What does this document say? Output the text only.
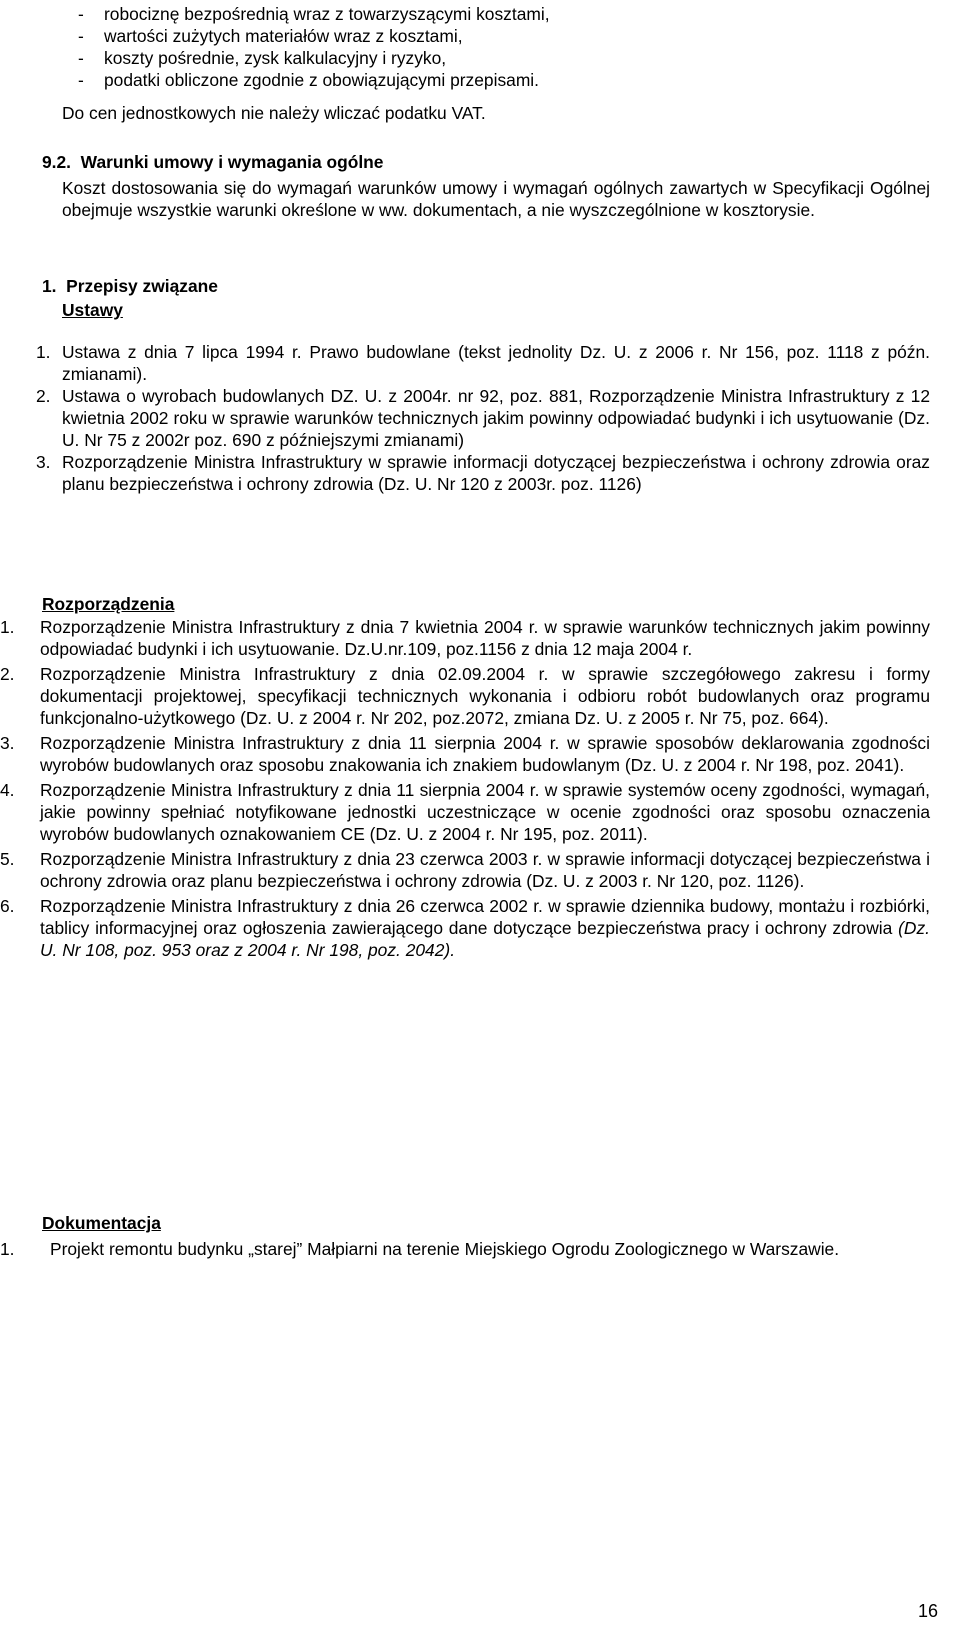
- robociznę bezpośrednią wraz z towarzyszącymi kosztami,
- wartości zużytych materiałów wraz z kosztami,
- koszty pośrednie, zysk kalkulacyjny i ryzyko,
- podatki obliczone zgodnie z obowiązującymi przepisami.
Do cen jednostkowych nie należy wliczać podatku VAT.
9.2.  Warunki umowy i wymagania ogólne
Koszt dostosowania się do wymagań warunków umowy i wymagań ogólnych zawartych w Specyfikacji Ogólnej obejmuje wszystkie warunki określone w ww. dokumentach, a nie wyszczególnione w kosztorysie.
1.  Przepisy związane
Ustawy
1. Ustawa z dnia 7 lipca 1994 r. Prawo budowlane (tekst jednolity Dz. U. z 2006 r. Nr 156, poz. 1118 z późn. zmianami).
2. Ustawa o wyrobach budowlanych DZ. U. z 2004r. nr 92, poz. 881, Rozporządzenie Ministra Infrastruktury z 12 kwietnia 2002 roku w sprawie warunków technicznych jakim powinny odpowiadać budynki i ich usytuowanie (Dz. U. Nr 75 z 2002r poz. 690 z późniejszymi zmianami)
3. Rozporządzenie Ministra Infrastruktury w sprawie informacji dotyczącej bezpieczeństwa i ochrony zdrowia oraz planu bezpieczeństwa i ochrony zdrowia (Dz. U. Nr 120 z 2003r. poz. 1126)
Rozporządzenia
1. Rozporządzenie Ministra Infrastruktury z dnia 7 kwietnia 2004 r. w sprawie warunków technicznych jakim powinny odpowiadać budynki i ich usytuowanie. Dz.U.nr.109, poz.1156 z dnia 12 maja 2004 r.
2. Rozporządzenie Ministra Infrastruktury z dnia 02.09.2004 r. w sprawie szczegółowego zakresu i formy dokumentacji projektowej, specyfikacji technicznych wykonania i odbioru robót budowlanych oraz programu funkcjonalno-użytkowego (Dz. U. z 2004 r. Nr 202, poz.2072, zmiana Dz. U. z 2005 r. Nr 75, poz. 664).
3. Rozporządzenie Ministra Infrastruktury z dnia 11 sierpnia 2004 r. w sprawie sposobów deklarowania zgodności wyrobów budowlanych oraz sposobu znakowania ich znakiem budowlanym (Dz. U. z 2004 r. Nr 198, poz. 2041).
4. Rozporządzenie Ministra Infrastruktury z dnia 11 sierpnia 2004 r. w sprawie systemów oceny zgodności, wymagań, jakie powinny spełniać notyfikowane jednostki uczestniczące w ocenie zgodności oraz sposobu oznaczenia wyrobów budowlanych oznakowaniem CE (Dz. U. z 2004 r. Nr 195, poz. 2011).
5. Rozporządzenie Ministra Infrastruktury z dnia 23 czerwca 2003 r. w sprawie informacji dotyczącej bezpieczeństwa i ochrony zdrowia oraz planu bezpieczeństwa i ochrony zdrowia (Dz. U. z 2003 r. Nr 120, poz. 1126).
6. Rozporządzenie Ministra Infrastruktury z dnia 26 czerwca 2002 r. w sprawie dziennika budowy, montażu i rozbiórki, tablicy informacyjnej oraz ogłoszenia zawierającego dane dotyczące bezpieczeństwa pracy i ochrony zdrowia (Dz. U. Nr 108, poz. 953 oraz z 2004 r. Nr 198, poz. 2042).
Dokumentacja
1. Projekt remontu budynku „starej” Małpiarni na terenie Miejskiego Ogrodu Zoologicznego w Warszawie.
16
